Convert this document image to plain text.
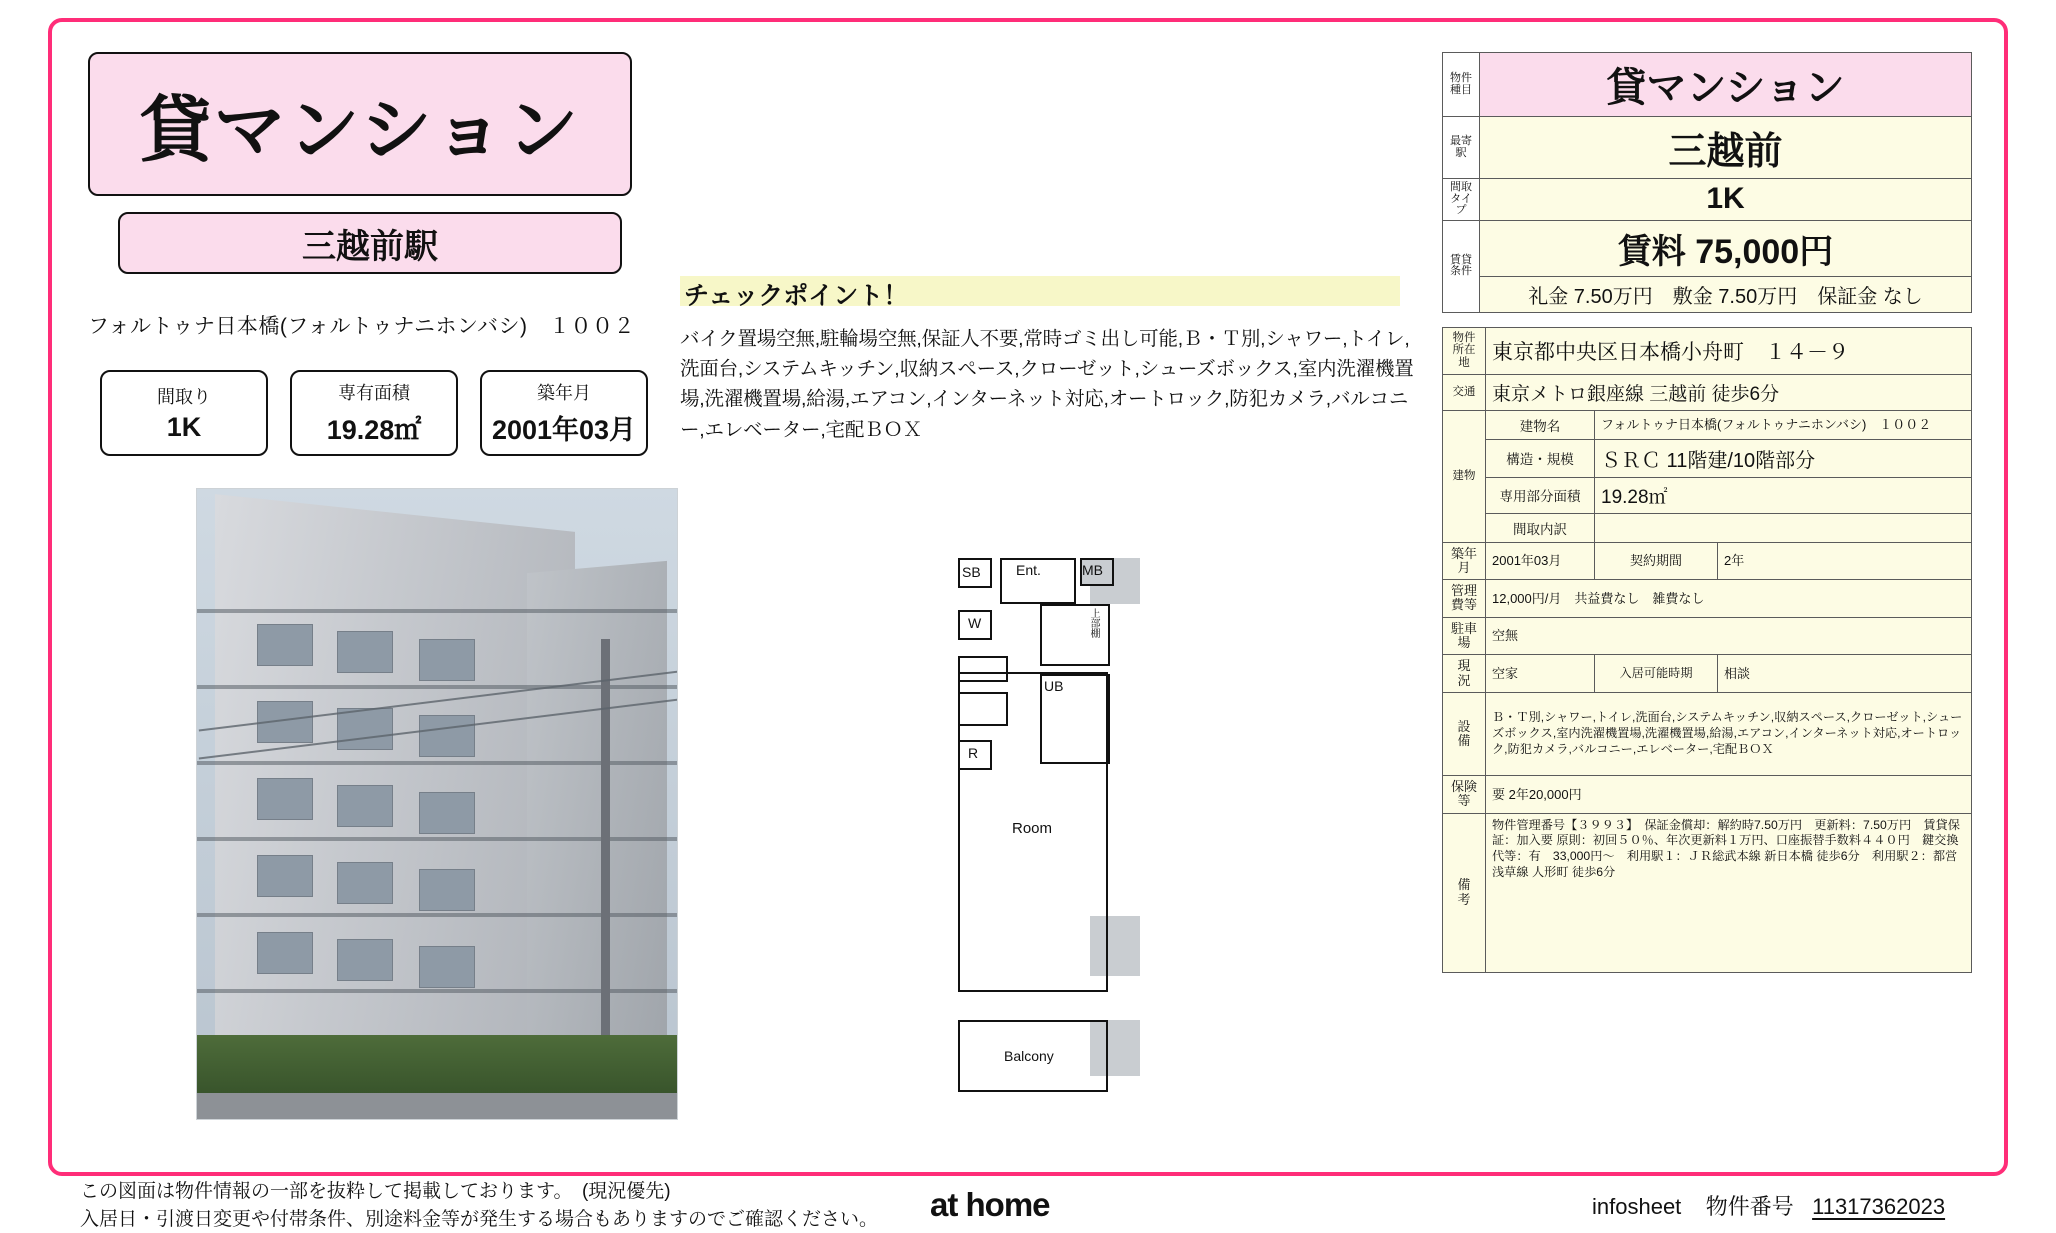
貸マンション
三越前駅
フォルトゥナ日本橋(フォルトゥナニホンバシ)　１００２
間取り
1K
専有面積
19.28㎡
築年月
2001年03月
チェックポイント！
バイク置場空無,駐輪場空無,保証人不要,常時ゴミ出し可能,Ｂ・Ｔ別,シャワー,トイレ,洗面台,システムキッチン,収納スペース,クローゼット,シューズボックス,室内洗濯機置場,洗濯機置場,給湯,エアコン,インターネット対応,オートロック,防犯カメラ,バルコニー,エレベーター,宅配ＢＯＸ
SB	Ent.	MB
W	上部棚
UB
R
Room
Balcony
物件種目	貸マンション
最寄駅	三越前
間取タイプ	1K
賃貸条件	賃料 75,000円
	礼金 7.50万円　敷金 7.50万円　保証金 なし
物件所在地	東京都中央区日本橋小舟町　１４－９		
交通	東京メトロ銀座線 三越前 徒歩6分		
建物	建物名	フォルトゥナ日本橋(フォルトゥナニホンバシ)　１００２	
	構造・規模	ＳＲＣ 11階建/10階部分	
	専用部分面積	19.28㎡	
	間取内訳		
築年月	2001年03月	契約期間	2年
管理費等	12,000円/月　共益費なし　雑費なし		
駐車場	空無		
現　況	空家	入居可能時期	相談
設　備	Ｂ・Ｔ別,シャワー,トイレ,洗面台,システムキッチン,収納スペース,クローゼット,シューズボックス,室内洗濯機置場,洗濯機置場,給湯,エアコン,インターネット対応,オートロック,防犯カメラ,バルコニー,エレベーター,宅配ＢＯＸ		
保険等	要 2年20,000円		
備　考	物件管理番号【３９９３】　保証金償却：解約時7.50万円　更新料：7.50万円　賃貸保証：加入要 原則：初回５０％、年次更新料１万円、口座振替手数料４４０円　鍵交換代等：有　33,000円〜　利用駅１：ＪＲ総武本線 新日本橋 徒歩6分　利用駅２：都営浅草線 人形町 徒歩6分		
この図面は物件情報の一部を抜粋して掲載しております。　(現況優先)
入居日・引渡日変更や付帯条件、別途料金等が発生する場合もありますのでご確認ください。 at home	infosheet 物件番号 11317362023
